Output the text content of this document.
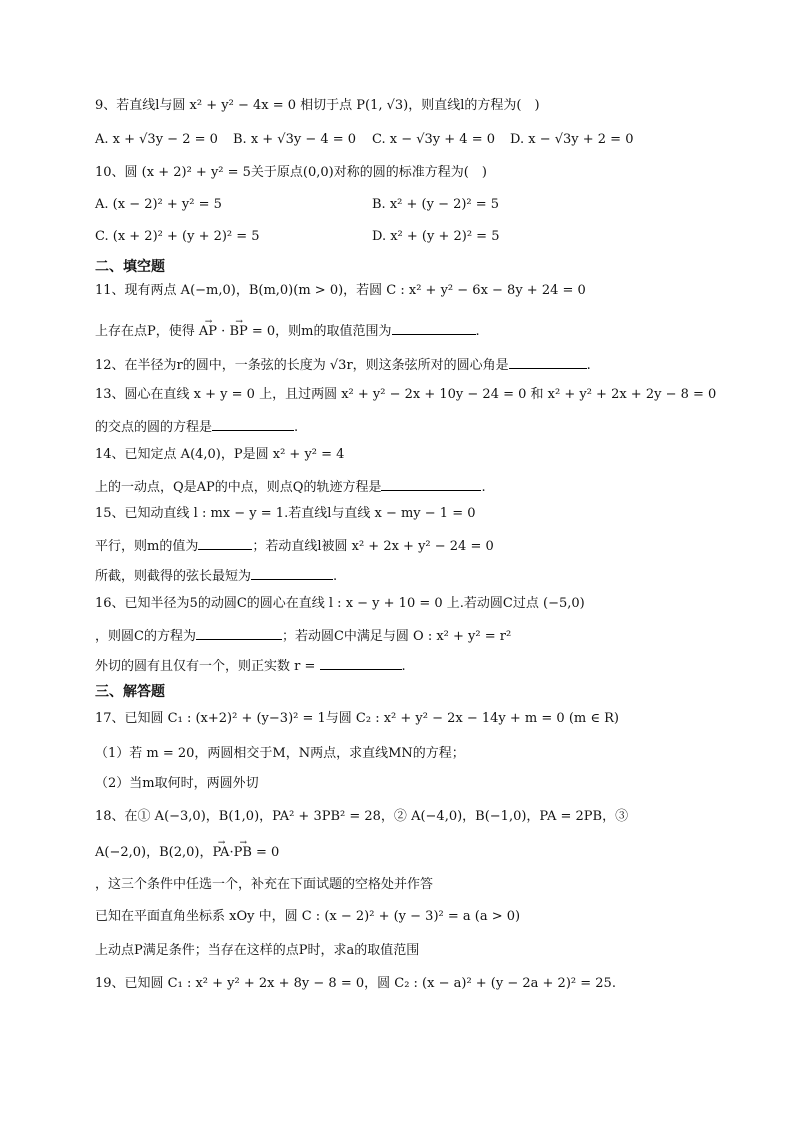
9、若直线l与圆 x² + y² − 4x = 0 相切于点 P(1, √3)，则直线l的方程为(　)
A. x + √3y − 2 = 0 B. x + √3y − 4 = 0 C. x − √3y + 4 = 0 D. x − √3y + 2 = 0
10、圆 (x + 2)² + y² = 5关于原点(0,0)对称的圆的标准方程为(　)
A. (x − 2)² + y² = 5	B. x² + (y − 2)² = 5
C. (x + 2)² + (y + 2)² = 5	D. x² + (y + 2)² = 5
二、填空题
11、现有两点 A(−m,0)，B(m,0)(m > 0)，若圆 C : x² + y² − 6x − 8y + 24 = 0
上存在点P，使得 → AP · → BP = 0，则m的取值范围为	.
12、在半径为r的圆中，一条弦的长度为 √3r，则这条弦所对的圆心角是	.
13、圆心在直线 x + y = 0 上，且过两圆 x² + y² − 2x + 10y − 24 = 0 和 x² + y² + 2x + 2y − 8 = 0
的交点的圆的方程是	.
14、已知定点 A(4,0)，P是圆 x² + y² = 4
上的一动点，Q是AP的中点，则点Q的轨迹方程是	.
15、已知动直线 l : mx − y = 1.若直线l与直线 x − my − 1 = 0
平行，则m的值为	；若动直线l被圆 x² + 2x + y² − 24 = 0
所截，则截得的弦长最短为	.
16、已知半径为5的动圆C的圆心在直线 l : x − y + 10 = 0 上.若动圆C过点 (−5,0)
，则圆C的方程为	；若动圆C中满足与圆 O : x² + y² = r²
外切的圆有且仅有一个，则正实数 r =	.
三、解答题
17、已知圆 C₁ : (x+2)² + (y−3)² = 1与圆 C₂ : x² + y² − 2x − 14y + m = 0 (m ∈ R)
（1）若 m = 20，两圆相交于M，N两点，求直线MN的方程；
（2）当m取何时，两圆外切
18、在① A(−3,0)，B(1,0)，PA² + 3PB² = 28，② A(−4,0)，B(−1,0)，PA = 2PB，③
A(−2,0)，B(2,0)，→ PA·→ PB = 0
，这三个条件中任选一个，补充在下面试题的空格处并作答
已知在平面直角坐标系 xOy 中，圆 C : (x − 2)² + (y − 3)² = a (a > 0)
上动点P满足条件；当存在这样的点P时，求a的取值范围
19、已知圆 C₁ : x² + y² + 2x + 8y − 8 = 0，圆 C₂ : (x − a)² + (y − 2a + 2)² = 25.
